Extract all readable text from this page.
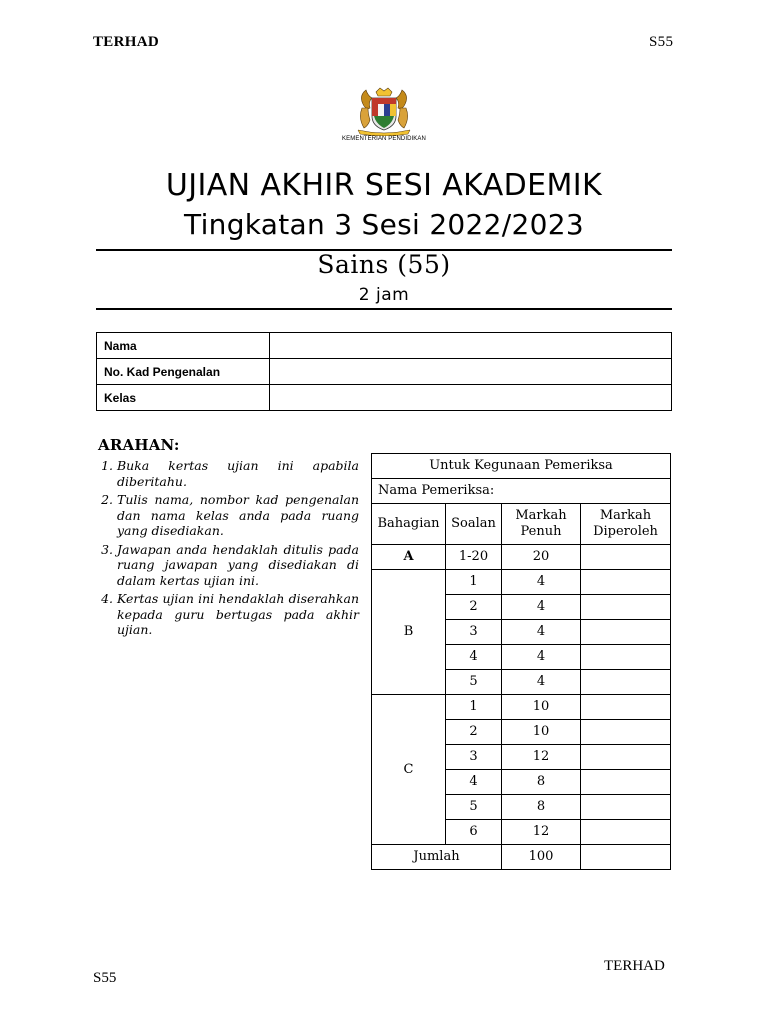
TERHAD	S55
KEMENTERIAN PENDIDIKAN
UJIAN AKHIR SESI AKADEMIK
Tingkatan 3 Sesi 2022/2023
Sains (55)
2 jam
Nama	
No. Kad Pengenalan	
Kelas	
ARAHAN:
1. Buka kertas ujian ini apabila diberitahu.
2. Tulis nama, nombor kad pengenalan dan nama kelas anda pada ruang yang disediakan.
3. Jawapan anda hendaklah ditulis pada ruang jawapan yang disediakan di dalam kertas ujian ini.
4. Kertas ujian ini hendaklah diserahkan kepada guru bertugas pada akhir ujian.
Untuk Kegunaan Pemeriksa			
Nama Pemeriksa:			
Bahagian	Soalan	Markah Penuh	Markah Diperoleh
A	1-20	20	
B	1	4	
	2	4	
	3	4	
	4	4	
	5	4	
C	1	10	
	2	10	
	3	12	
	4	8	
	5	8	
	6	12	
Jumlah		100	
S55
TERHAD
